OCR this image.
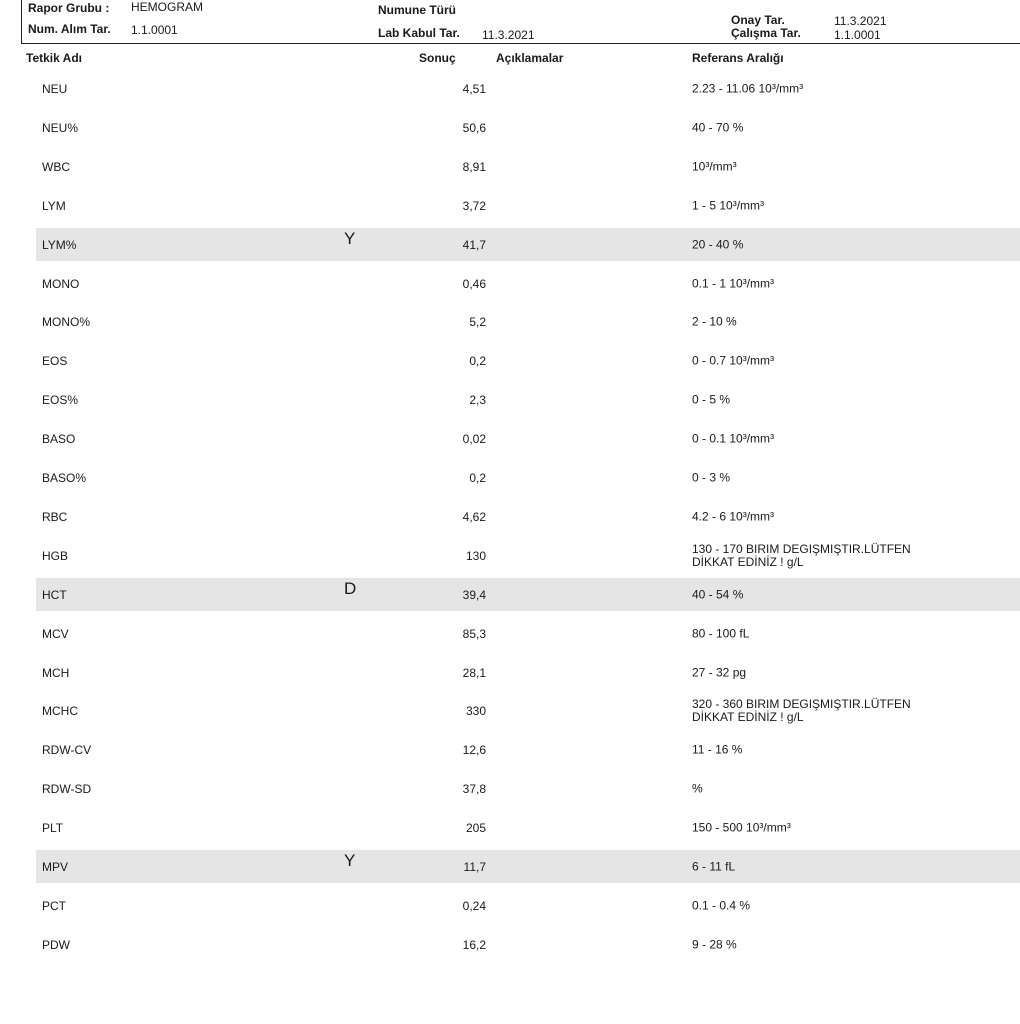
Rapor Grubu : HEMOGRAM
Num. Alım Tar. 1.1.0001
Numune Türü
Lab Kabul Tar. 11.3.2021
Onay Tar.	11.3.2021
Çalışma Tar.	1.1.0001
Tetkik Adı	Sonuç	Açıklamalar	Referans Aralığı
NEU	4,51	2.23 - 11.06 10³/mm³
NEU%	50,6	40 - 70 %
WBC	8,91	10³/mm³
LYM	3,72	1 - 5 10³/mm³
LYM%	Y	41,7	20 - 40 %
MONO	0,46	0.1 - 1 10³/mm³
MONO%	5,2	2 - 10 %
EOS	0,2	0 - 0.7 10³/mm³
EOS%	2,3	0 - 5 %
BASO	0,02	0 - 0.1 10³/mm³
BASO%	0,2	0 - 3 %
RBC	4,62	4.2 - 6 10³/mm³
HGB	130	130 - 170 BIRIM DEGIŞMIŞTIR.LÜTFEN
DİKKAT EDİNİZ ! g/L
HCT	D	39,4	40 - 54 %
MCV	85,3	80 - 100 fL
MCH	28,1	27 - 32 pg
MCHC	330	320 - 360 BIRIM DEGIŞMIŞTIR.LÜTFEN
DİKKAT EDİNİZ ! g/L
RDW-CV	12,6	11 - 16 %
RDW-SD	37,8	%
PLT	205	150 - 500 10³/mm³
MPV	Y	11,7	6 - 11 fL
PCT	0,24	0.1 - 0.4 %
PDW	16,2	9 - 28 %
